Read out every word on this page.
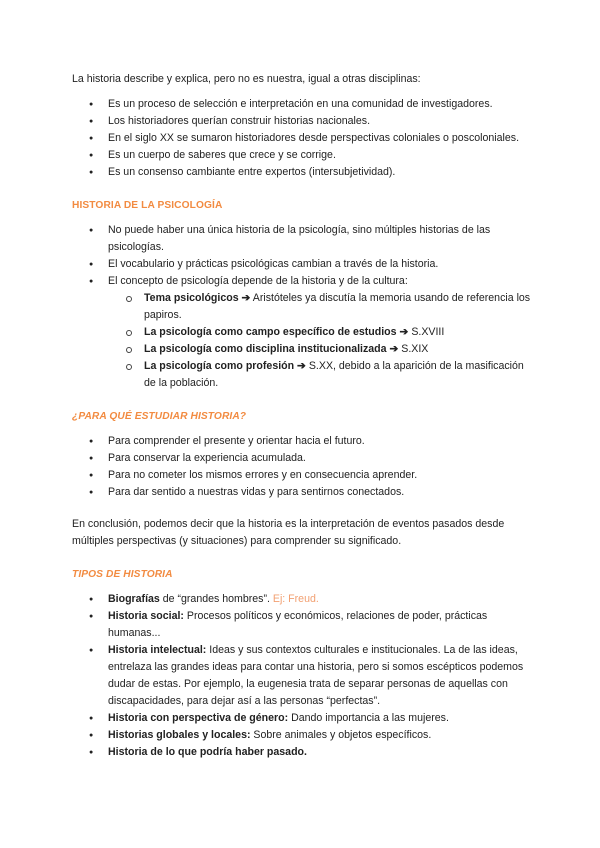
La historia describe y explica, pero no es nuestra, igual a otras disciplinas:

● Es un proceso de selección e interpretación en una comunidad de investigadores.
● Los historiadores querían construir historias nacionales.
● En el siglo XX se sumaron historiadores desde perspectivas coloniales o poscoloniales.
● Es un cuerpo de saberes que crece y se corrige.
● Es un consenso cambiante entre expertos (intersubjetividad).
HISTORIA DE LA PSICOLOGÍA
● No puede haber una única historia de la psicología, sino múltiples historias de las psicologías.
● El vocabulario y prácticas psicológicas cambian a través de la historia.
● El concepto de psicología depende de la historia y de la cultura:
Tema psicológicos ➔ Aristóteles ya discutía la memoria usando de referencia los papiros.
La psicología como campo específico de estudios ➔ S.XVIII
La psicología como disciplina institucionalizada ➔ S.XIX
La psicología como profesión ➔ S.XX, debido a la aparición de la masificación de la población.
¿PARA QUÉ ESTUDIAR HISTORIA?
● Para comprender el presente y orientar hacia el futuro.
● Para conservar la experiencia acumulada.
● Para no cometer los mismos errores y en consecuencia aprender.
● Para dar sentido a nuestras vidas y para sentirnos conectados.

En conclusión, podemos decir que la historia es la interpretación de eventos pasados desde múltiples perspectivas (y situaciones) para comprender su significado.

TIPOS DE HISTORIA
● Biografías de “grandes hombres”. Ej: Freud.
● Historia social: Procesos políticos y económicos, relaciones de poder, prácticas humanas...
● Historia intelectual: Ideas y sus contextos culturales e institucionales. La de las ideas, entrelaza las grandes ideas para contar una historia, pero si somos escépticos podemos dudar de estas. Por ejemplo, la eugenesia trata de separar personas de aquellas con discapacidades, para dejar así a las personas “perfectas”.
● Historia con perspectiva de género: Dando importancia a las mujeres.
● Historias globales y locales: Sobre animales y objetos específicos.
● Historia de lo que podría haber pasado.
